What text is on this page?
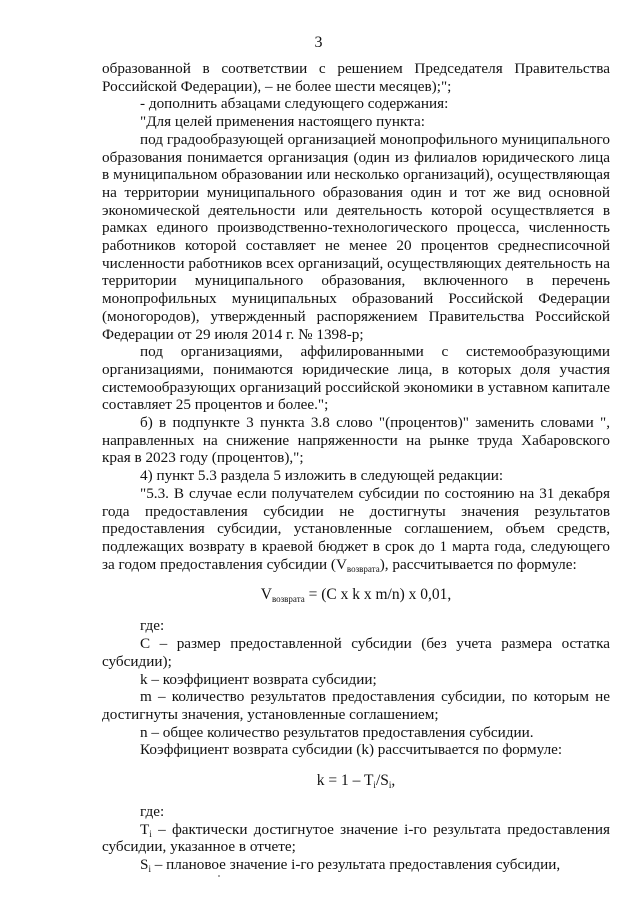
3

образованной в соответствии с решением Председателя Правительства Российской Федерации), – не более шести месяцев);";

- дополнить абзацами следующего содержания:

"Для целей применения настоящего пункта:

под градообразующей организацией монопрофильного муниципального образования понимается организация (один из филиалов юридического лица в муниципальном образовании или несколько организаций), осуществляющая на территории муниципального образования один и тот же вид основной экономической деятельности или деятельность которой осуществляется в рамках единого производственно-технологического процесса, численность работников которой составляет не менее 20 процентов среднесписочной численности работников всех организаций, осуществляющих деятельность на территории муниципального образования, включенного в перечень монопрофильных муниципальных образований Российской Федерации (моногородов), утвержденный распоряжением Правительства Российской Федерации от 29 июля 2014 г. № 1398-р;

под организациями, аффилированными с системообразующими организациями, понимаются юридические лица, в которых доля участия системообразующих организаций российской экономики в уставном капитале составляет 25 процентов и более.";

б) в подпункте 3 пункта 3.8 слово "(процентов)" заменить словами ", направленных на снижение напряженности на рынке труда Хабаровского края в 2023 году (процентов),";

4) пункт 5.3 раздела 5 изложить в следующей редакции:

"5.3. В случае если получателем субсидии по состоянию на 31 декабря года предоставления субсидии не достигнуты значения результатов предоставления субсидии, установленные соглашением, объем средств, подлежащих возврату в краевой бюджет в срок до 1 марта года, следующего за годом предоставления субсидии $(V_{возврата})$, рассчитывается по формуле:

$V_{возврата} = (С$ x k x m/n) x 0,01,

где:

С – размер предоставленной субсидии (без учета размера остатка субсидии);

k – коэффициент возврата субсидии;

m – количество результатов предоставления субсидии, по которым не достигнуты значения, установленные соглашением;

n – общее количество результатов предоставления субсидии.

Коэффициент возврата субсидии (k) рассчитывается по формуле:

$k = 1 - T_i/S_i$,

где:

$T_i$ – фактически достигнутое значение i-го результата предоставления субсидии, указанное в отчете;

$S_i$ – плановое значение i-го результата предоставления субсидии,
